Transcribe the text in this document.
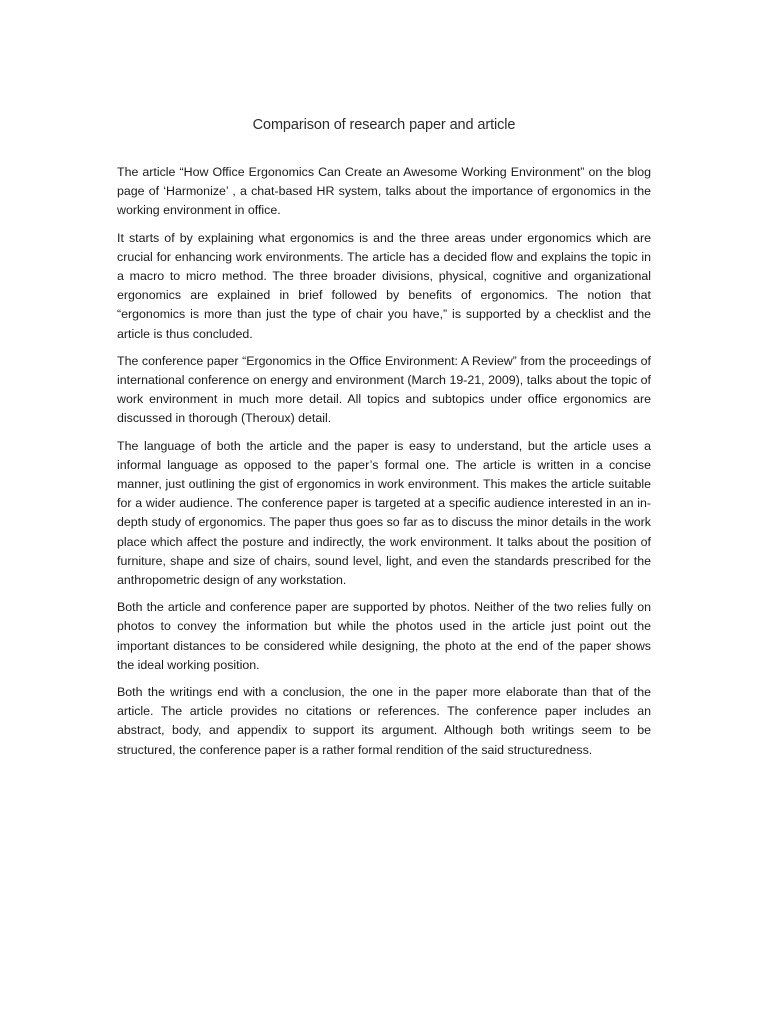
Comparison of research paper and article

The article “How Office Ergonomics Can Create an Awesome Working Environment” on the blog page of ‘Harmonize’ , a chat-based HR system, talks about the importance of ergonomics in the working environment in office.

It starts of by explaining what ergonomics is and the three areas under ergonomics which are crucial for enhancing work environments. The article has a decided flow and explains the topic in a macro to micro method. The three broader divisions, physical, cognitive and organizational ergonomics are explained in brief followed by benefits of ergonomics. The notion that “ergonomics is more than just the type of chair you have,” is supported by a checklist and the article is thus concluded.

The conference paper “Ergonomics in the Office Environment: A Review” from the proceedings of international conference on energy and environment (March 19-21, 2009), talks about the topic of work environment in much more detail. All topics and subtopics under office ergonomics are discussed in thorough (Theroux) detail.

The language of both the article and the paper is easy to understand, but the article uses a informal language as opposed to the paper’s formal one. The article is written in a concise manner, just outlining the gist of ergonomics in work environment. This makes the article suitable for a wider audience. The conference paper is targeted at a specific audience interested in an in-depth study of ergonomics. The paper thus goes so far as to discuss the minor details in the work place which affect the posture and indirectly, the work environment. It talks about the position of furniture, shape and size of chairs, sound level, light, and even the standards prescribed for the anthropometric design of any workstation.

Both the article and conference paper are supported by photos. Neither of the two relies fully on photos to convey the information but while the photos used in the article just point out the important distances to be considered while designing, the photo at the end of the paper shows the ideal working position.

Both the writings end with a conclusion, the one in the paper more elaborate than that of the article. The article provides no citations or references. The conference paper includes an abstract, body, and appendix to support its argument. Although both writings seem to be structured, the conference paper is a rather formal rendition of the said structuredness.
